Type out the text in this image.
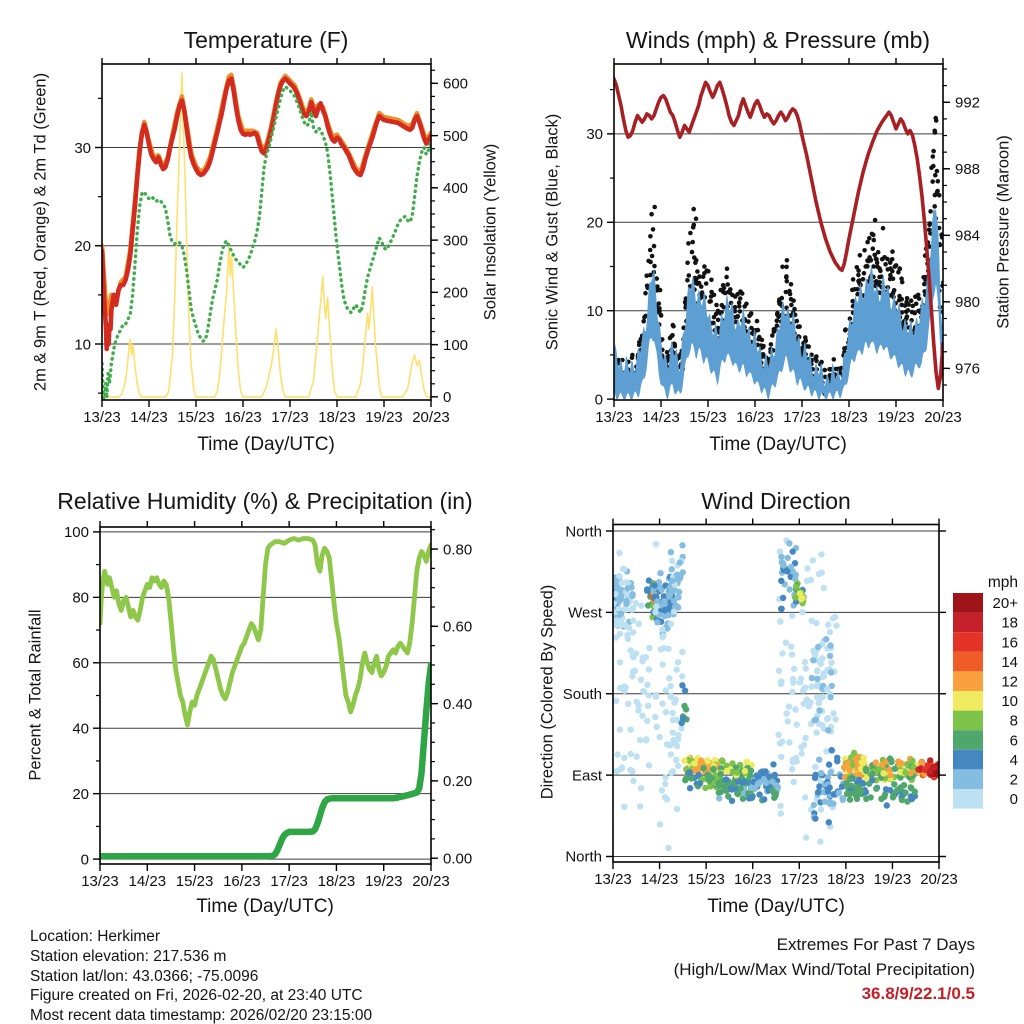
13/23 14/23 15/23 16/23 17/23 18/23 19/23 20/23
10
20
30
0
100
200
300
400
500
600
13/23 14/23 15/23 16/23 17/23 18/23 19/23 20/23
0
10
20
30
976
980
984
988
992
13/23 14/23 15/23 16/23 17/23 18/23 19/23 20/23
0
20
40
60
80
100
0.00
0.20
0.40
0.60
0.80
13/23 14/23 15/23 16/23 17/23 18/23 19/23 20/23
North
West
South
East
North
mph
20+
18
16
14
12
10
8
6
4
2
0
Temperature (F)	Winds (mph) & Pressure (mb)
Relative Humidity (%) & Precipitation (in)	Wind Direction
Time (Day/UTC)	Time (Day/UTC)
Time (Day/UTC)	Time (Day/UTC)
2m & 9m T (Red, Orange) & 2m Td (Green)	Solar Insolation (Yellow)	Sonic Wind & Gust (Blue, Black)	Station Pressure (Maroon)
Percent & Total Rainfall	Direction (Colored By Speed)
Location: Herkimer
Station elevation: 217.536 m
Station lat/lon: 43.0366; -75.0096
Figure created on Fri, 2026-02-20, at 23:40 UTC
Most recent data timestamp: 2026/02/20 23:15:00
Extremes For Past 7 Days
(High/Low/Max Wind/Total Precipitation)
36.8/9/22.1/0.5
